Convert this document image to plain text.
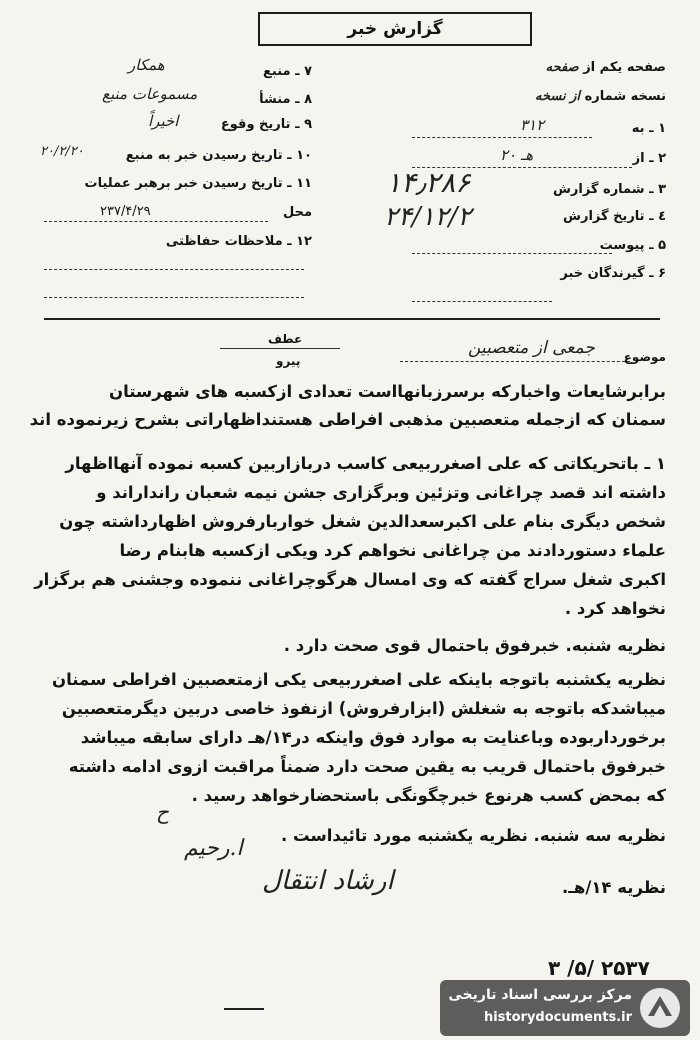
گزارش خبر
صفحه یکم از صفحه
نسخه شماره از نسخه
۱ ـ به
۳۱۲
۲ ـ از
۲۰ هـ
۳ ـ شماره گزارش
۱۴٫۲۸۶
٤ ـ تاریخ گزارش
۲۴/۱۲/۲
۵ ـ پیوست
۶ ـ گیرندگان خبر
۷ ـ منبع
همکار
۸ ـ منشأ
مسموعات منبع
۹ ـ تاریخ وقوع
اخیراً
۱۰ ـ تاریخ رسیدن خبر به منبع
۲۰/۲/۲۰
۱۱ ـ تاریخ رسیدن خبر برهبر عملیات
محل
۲۳۷/۴/۲۹
۱۲ ـ ملاحظات حفاظتی
عطف
پیرو	موضوع
جمعی از متعصبین
برابرشایعات واخبارکه برسرزبانهااست تعدادی ازکسبه های شهرستان
سمنان که ازجمله متعصبین مذهبی افراطی هستنداظهاراتی بشرح زیرنموده اند
۱ ـ باتحریکاتی که علی اصغرربیعی کاسب دربازاربین کسبه نموده آنهااظهار
داشته اند قصد چراغانی وتزئین وبرگزاری جشن نیمه شعبان رانداراند و
شخص دیگری بنام علی اکبرسعدالدین شغل خواربارفروش اظهارداشته چون
علماء دستوردادند من چراغانی نخواهم کرد ویکی ازکسبه هابنام رضا
اکبری شغل سراج گفته که وی امسال هرگوچراغانی ننموده وجشنی هم برگزار
نخواهد کرد .
نظریه شنبه. خبرفوق باحتمال قوی صحت دارد .
نظریه یکشنبه باتوجه باینکه علی اصغرربیعی یکی ازمتعصبین افراطی سمنان
میباشدکه باتوجه به شغلش (ابزارفروش) ازنفوذ خاصی دربین دیگرمتعصبین
برخورداربوده وباعنایت به موارد فوق واینکه در۱۴/هـ دارای سابقه میباشد
خبرفوق باحتمال قریب به یقین صحت دارد ضمناً مراقبت ازوی ادامه داشته
که بمحض کسب هرنوع خبرچگونگی باستحضارخواهد رسید .
ح
نظریه سه شنبه. نظریه یکشنبه مورد تائیداست .
ا.رحیم
نظریه ۱۴/هـ.
ارشاد انتقال
۲۵۳۷ /۵/ ۳
مرکز بررسی اسناد تاریخی
historydocuments.ir
